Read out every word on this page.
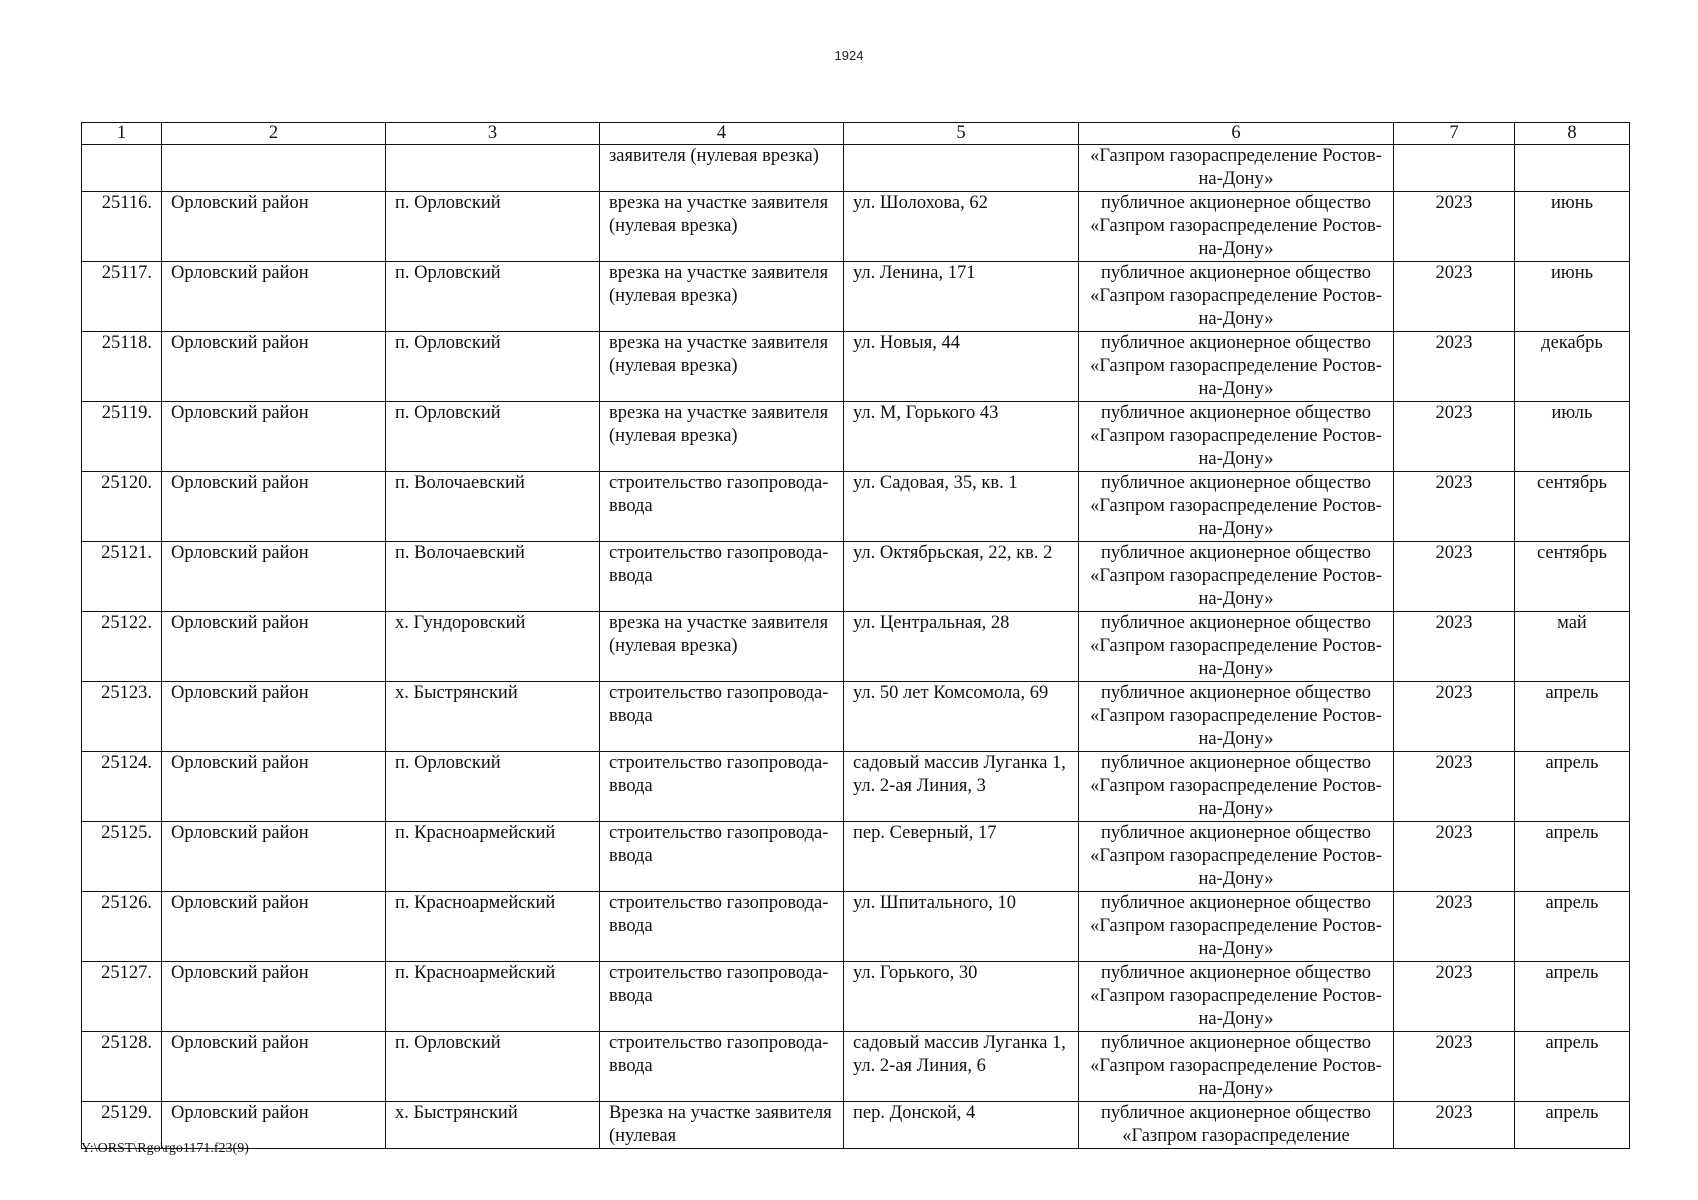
1924
1	2	3	4	5	6	7	8
			заявителя (нулевая врезка)		«Газпром газораспределение Ростов-на-Дону»		
25116.	Орловский район	п. Орловский	врезка на участке заявителя (нулевая врезка)	ул. Шолохова, 62	публичное акционерное общество «Газпром газораспределение Ростов-на-Дону»	2023	июнь
25117.	Орловский район	п. Орловский	врезка на участке заявителя (нулевая врезка)	ул. Ленина, 171	публичное акционерное общество «Газпром газораспределение Ростов-на-Дону»	2023	июнь
25118.	Орловский район	п. Орловский	врезка на участке заявителя (нулевая врезка)	ул. Новыя, 44	публичное акционерное общество «Газпром газораспределение Ростов-на-Дону»	2023	декабрь
25119.	Орловский район	п. Орловский	врезка на участке заявителя (нулевая врезка)	ул. М, Горького 43	публичное акционерное общество «Газпром газораспределение Ростов-на-Дону»	2023	июль
25120.	Орловский район	п. Волочаевский	строительство газопровода-ввода	ул. Садовая, 35, кв. 1	публичное акционерное общество «Газпром газораспределение Ростов-на-Дону»	2023	сентябрь
25121.	Орловский район	п. Волочаевский	строительство газопровода-ввода	ул. Октябрьская, 22, кв. 2	публичное акционерное общество «Газпром газораспределение Ростов-на-Дону»	2023	сентябрь
25122.	Орловский район	х. Гундоровский	врезка на участке заявителя (нулевая врезка)	ул. Центральная, 28	публичное акционерное общество «Газпром газораспределение Ростов-на-Дону»	2023	май
25123.	Орловский район	х. Быстрянский	строительство газопровода-ввода	ул. 50 лет Комсомола, 69	публичное акционерное общество «Газпром газораспределение Ростов-на-Дону»	2023	апрель
25124.	Орловский район	п. Орловский	строительство газопровода-ввода	садовый массив Луганка 1, ул. 2-ая Линия, 3	публичное акционерное общество «Газпром газораспределение Ростов-на-Дону»	2023	апрель
25125.	Орловский район	п. Красноармейский	строительство газопровода-ввода	пер. Северный, 17	публичное акционерное общество «Газпром газораспределение Ростов-на-Дону»	2023	апрель
25126.	Орловский район	п. Красноармейский	строительство газопровода-ввода	ул. Шпитального, 10	публичное акционерное общество «Газпром газораспределение Ростов-на-Дону»	2023	апрель
25127.	Орловский район	п. Красноармейский	строительство газопровода-ввода	ул. Горького, 30	публичное акционерное общество «Газпром газораспределение Ростов-на-Дону»	2023	апрель
25128.	Орловский район	п. Орловский	строительство газопровода-ввода	садовый массив Луганка 1, ул. 2-ая Линия, 6	публичное акционерное общество «Газпром газораспределение Ростов-на-Дону»	2023	апрель
25129.	Орловский район	х. Быстрянский	Врезка на участке заявителя (нулевая	пер. Донской, 4	публичное акционерное общество «Газпром газораспределение	2023	апрель
Y:\ORST\Rgo\rgo1171.f23(9)
